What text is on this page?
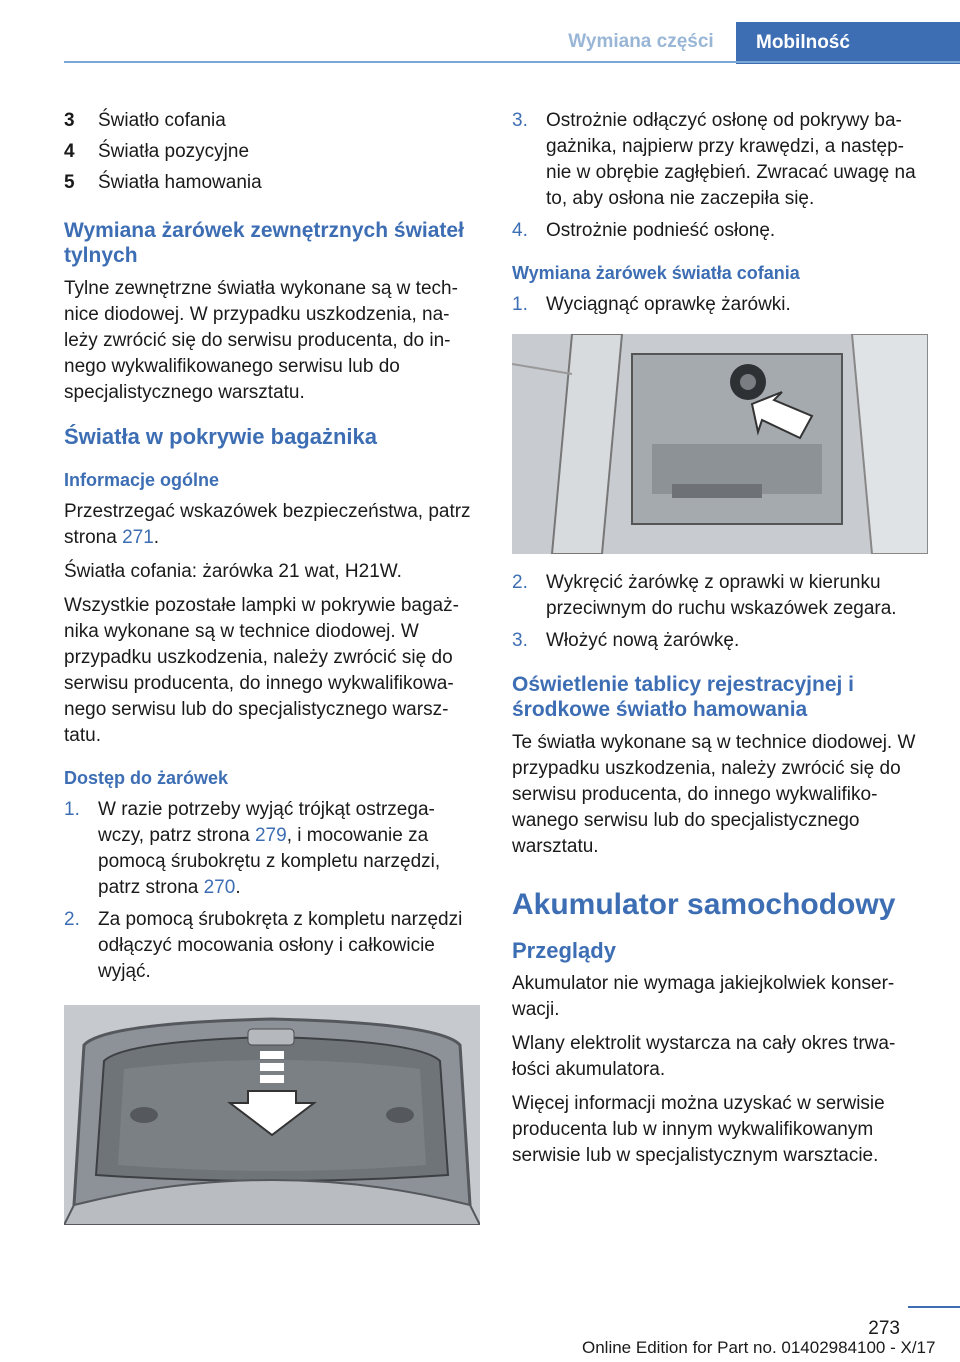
Wymiana części	Mobilność
3	Światło cofania
4	Światła pozycyjne
5	Światła hamowania
Wymiana żarówek zewnętrznych świateł tylnych

Tylne zewnętrzne światła wykonane są w tech‐nice diodowej. W przypadku uszkodzenia, na‐leży zwrócić się do serwisu producenta, do in‐nego wykwalifikowanego serwisu lub do specjalistycznego warsztatu.

Światła w pokrywie bagażnika
Informacje ogólne

Przestrzegać wskazówek bezpieczeństwa, patrz strona 271.

Światła cofania: żarówka 21 wat, H21W.

Wszystkie pozostałe lampki w pokrywie bagaż‐nika wykonane są w technice diodowej. W przypadku uszkodzenia, należy zwrócić się do serwisu producenta, do innego wykwalifikowa‐nego serwisu lub do specjalistycznego warsz‐tatu.

Dostęp do żarówek
1. W razie potrzeby wyjąć trójkąt ostrzega‐wczy, patrz strona 279, i mocowanie za pomocą śrubokrętu z kompletu narzędzi, patrz strona 270.
2. Za pomocą śrubokręta z kompletu narzędzi odłączyć mocowania osłony i całkowicie wyjąć.
3. Ostrożnie odłączyć osłonę od pokrywy ba‐gażnika, najpierw przy krawędzi, a następ‐nie w obrębie zagłębień. Zwracać uwagę na to, aby osłona nie zaczepiła się.
4. Ostrożnie podnieść osłonę.
Wymiana żarówek światła cofania
1. Wyciągnąć oprawkę żarówki.
2. Wykręcić żarówkę z oprawki w kierunku przeciwnym do ruchu wskazówek zegara.
3. Włożyć nową żarówkę.
Oświetlenie tablicy rejestracyjnej i środkowe światło hamowania

Te światła wykonane są w technice diodowej. W przypadku uszkodzenia, należy zwrócić się do serwisu producenta, do innego wykwalifiko‐wanego serwisu lub do specjalistycznego warsztatu.

Akumulator samochodowy
Przeglądy

Akumulator nie wymaga jakiejkolwiek konser‐wacji.

Wlany elektrolit wystarcza na cały okres trwa‐łości akumulatora.

Więcej informacji można uzyskać w serwisie producenta lub w innym wykwalifikowanym serwisie lub w specjalistycznym warsztacie.

273
Online Edition for Part no. 01402984100 - X/17
